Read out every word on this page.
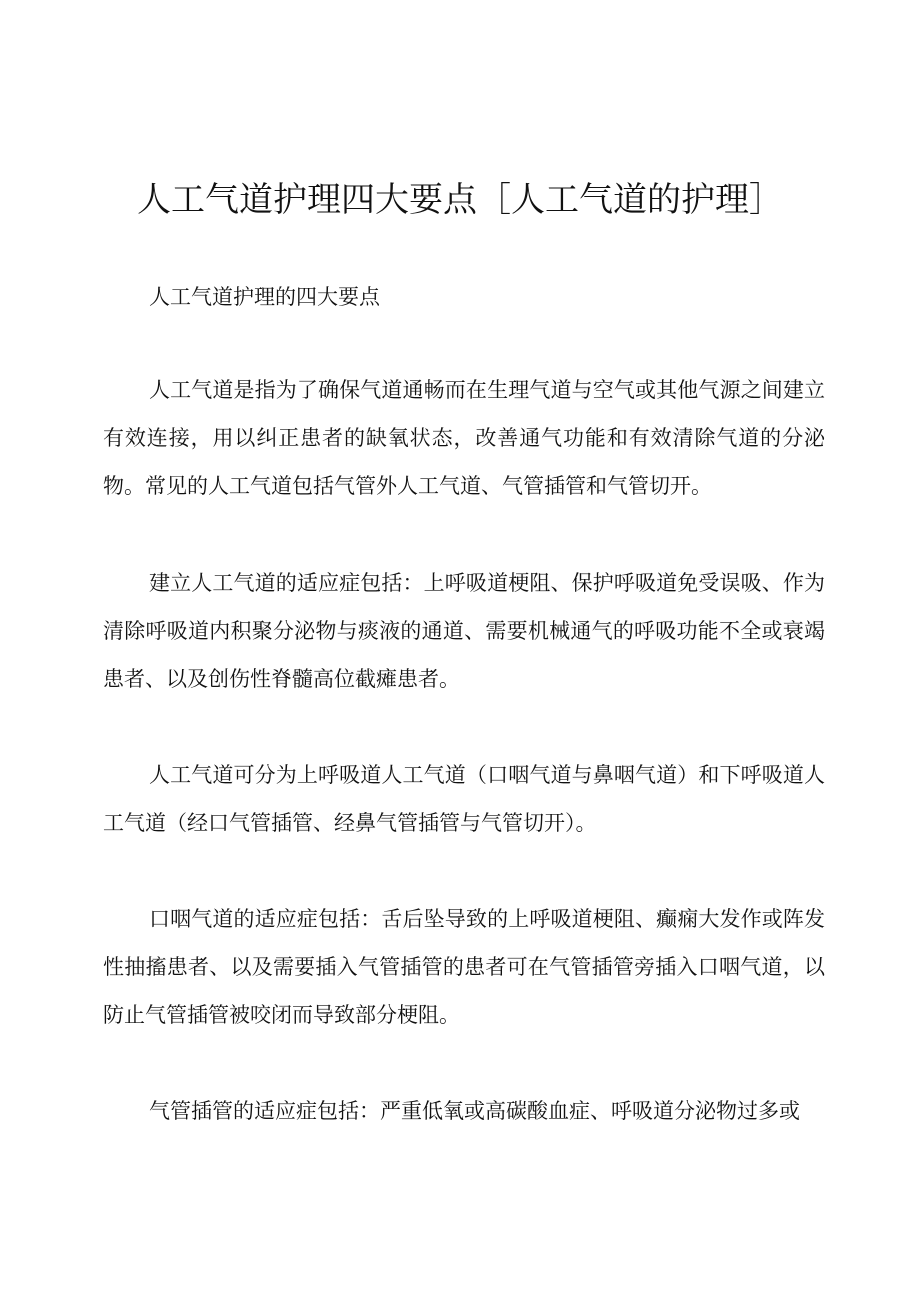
人工气道护理四大要点［人工气道的护理］

人工气道护理的四大要点

人工气道是指为了确保气道通畅而在生理气道与空气或其他气源之间建立有效连接，用以纠正患者的缺氧状态，改善通气功能和有效清除气道的分泌物。常见的人工气道包括气管外人工气道、气管插管和气管切开。

建立人工气道的适应症包括：上呼吸道梗阻、保护呼吸道免受误吸、作为清除呼吸道内积聚分泌物与痰液的通道、需要机械通气的呼吸功能不全或衰竭患者、以及创伤性脊髓高位截瘫患者。

人工气道可分为上呼吸道人工气道（口咽气道与鼻咽气道）和下呼吸道人工气道（经口气管插管、经鼻气管插管与气管切开）。

口咽气道的适应症包括：舌后坠导致的上呼吸道梗阻、癫痫大发作或阵发性抽搐患者、以及需要插入气管插管的患者可在气管插管旁插入口咽气道，以防止气管插管被咬闭而导致部分梗阻。

气管插管的适应症包括：严重低氧或高碳酸血症、呼吸道分泌物过多或
